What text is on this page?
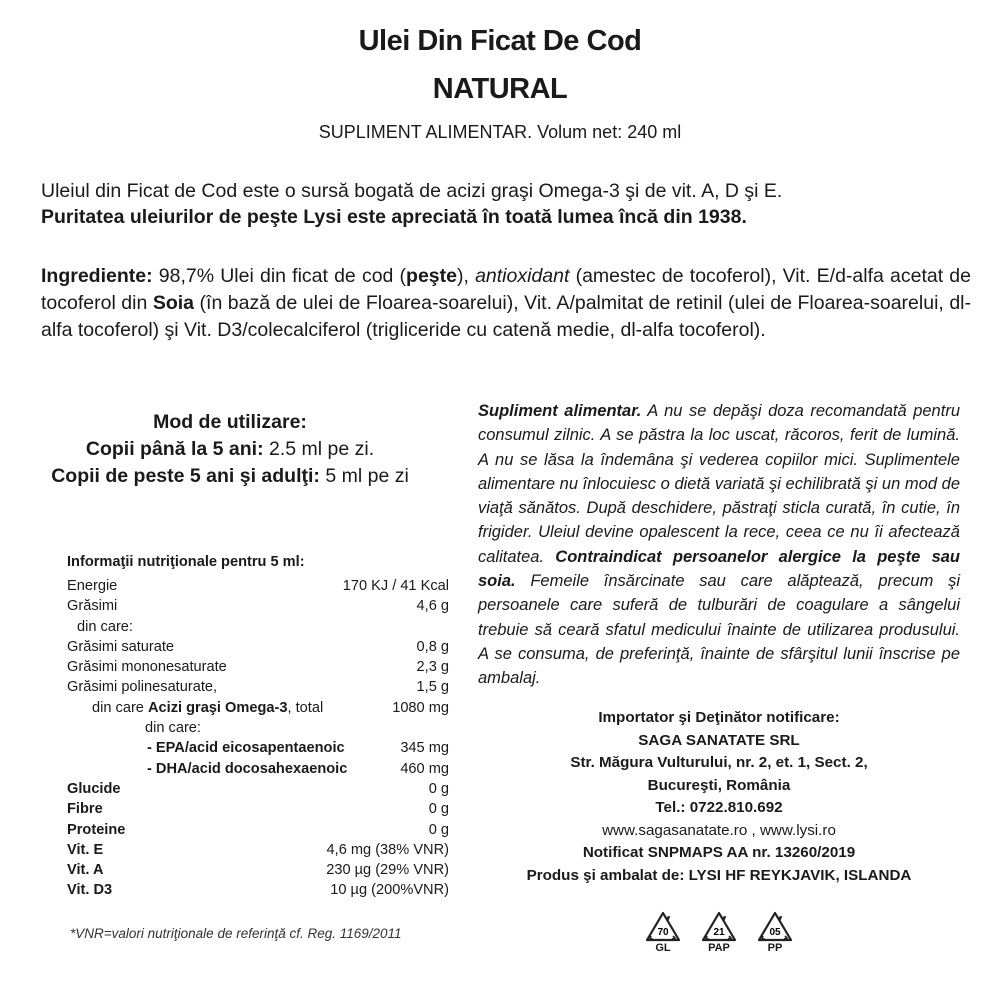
Ulei Din Ficat De Cod
NATURAL
SUPLIMENT ALIMENTAR. Volum net: 240 ml
Uleiul din Ficat de Cod este o sursă bogată de acizi graşi Omega-3 şi de vit. A, D şi E.
Puritatea uleiurilor de peşte Lysi este apreciată în toată lumea încă din 1938.
Ingrediente: 98,7% Ulei din ficat de cod (peşte), antioxidant (amestec de tocoferol), Vit. E/d-alfa acetat de tocoferol din Soia (în bază de ulei de Floarea-soarelui), Vit. A/palmitat de retinil (ulei de Floarea-soarelui, dl-alfa tocoferol) şi Vit. D3/colecalciferol (trigliceride cu catenă medie, dl-alfa tocoferol).
Mod de utilizare:
Copii până la 5 ani: 2.5 ml pe zi.
Copii de peste 5 ani şi adulţi: 5 ml pe zi
Supliment alimentar. A nu se depăşi doza recomandată pentru consumul zilnic. A se păstra la loc uscat, răcoros, ferit de lumină. A nu se lăsa la îndemâna şi vederea copiilor mici. Suplimentele alimentare nu înlocuiesc o dietă variată şi echilibrată şi un mod de viaţă sănătos. După deschidere, păstraţi sticla curată, în cutie, în frigider. Uleiul devine opalescent la rece, ceea ce nu îi afectează calitatea. Contraindicat persoanelor alergice la peşte sau soia. Femeile însărcinate sau care alăptează, precum şi persoanele care suferă de tulburări de coagulare a sângelui trebuie să ceară sfatul medicului înainte de utilizarea produsului. A se consuma, de preferinţă, înainte de sfârşitul lunii înscrise pe ambalaj.
Informaţii nutriţionale pentru 5 ml:
Energie	170 KJ / 41 Kcal
Grăsimi	4,6 g
din care:
Grăsimi saturate	0,8 g
Grăsimi mononesaturate	2,3 g
Grăsimi polinesaturate,	1,5 g
din care Acizi graşi Omega-3, total	1080 mg
din care:
- EPA/acid eicosapentaenoic	345 mg
- DHA/acid docosahexaenoic	460 mg
Glucide	0 g
Fibre	0 g
Proteine	0 g
Vit. E	4,6 mg (38% VNR)
Vit. A	230 µg (29% VNR)
Vit. D3	10 µg (200%VNR)
*VNR=valori nutriţionale de referinţă cf. Reg. 1169/2011
Importator şi Deţinător notificare:
SAGA SANATATE SRL
Str. Măgura Vulturului, nr. 2, et. 1, Sect. 2,
Bucureşti, România
Tel.: 0722.810.692
www.sagasanatate.ro , www.lysi.ro
Notificat SNPMAPS AA nr. 13260/2019
Produs şi ambalat de: LYSI HF REYKJAVIK, ISLANDA
70
GL
21
PAP
05
PP
